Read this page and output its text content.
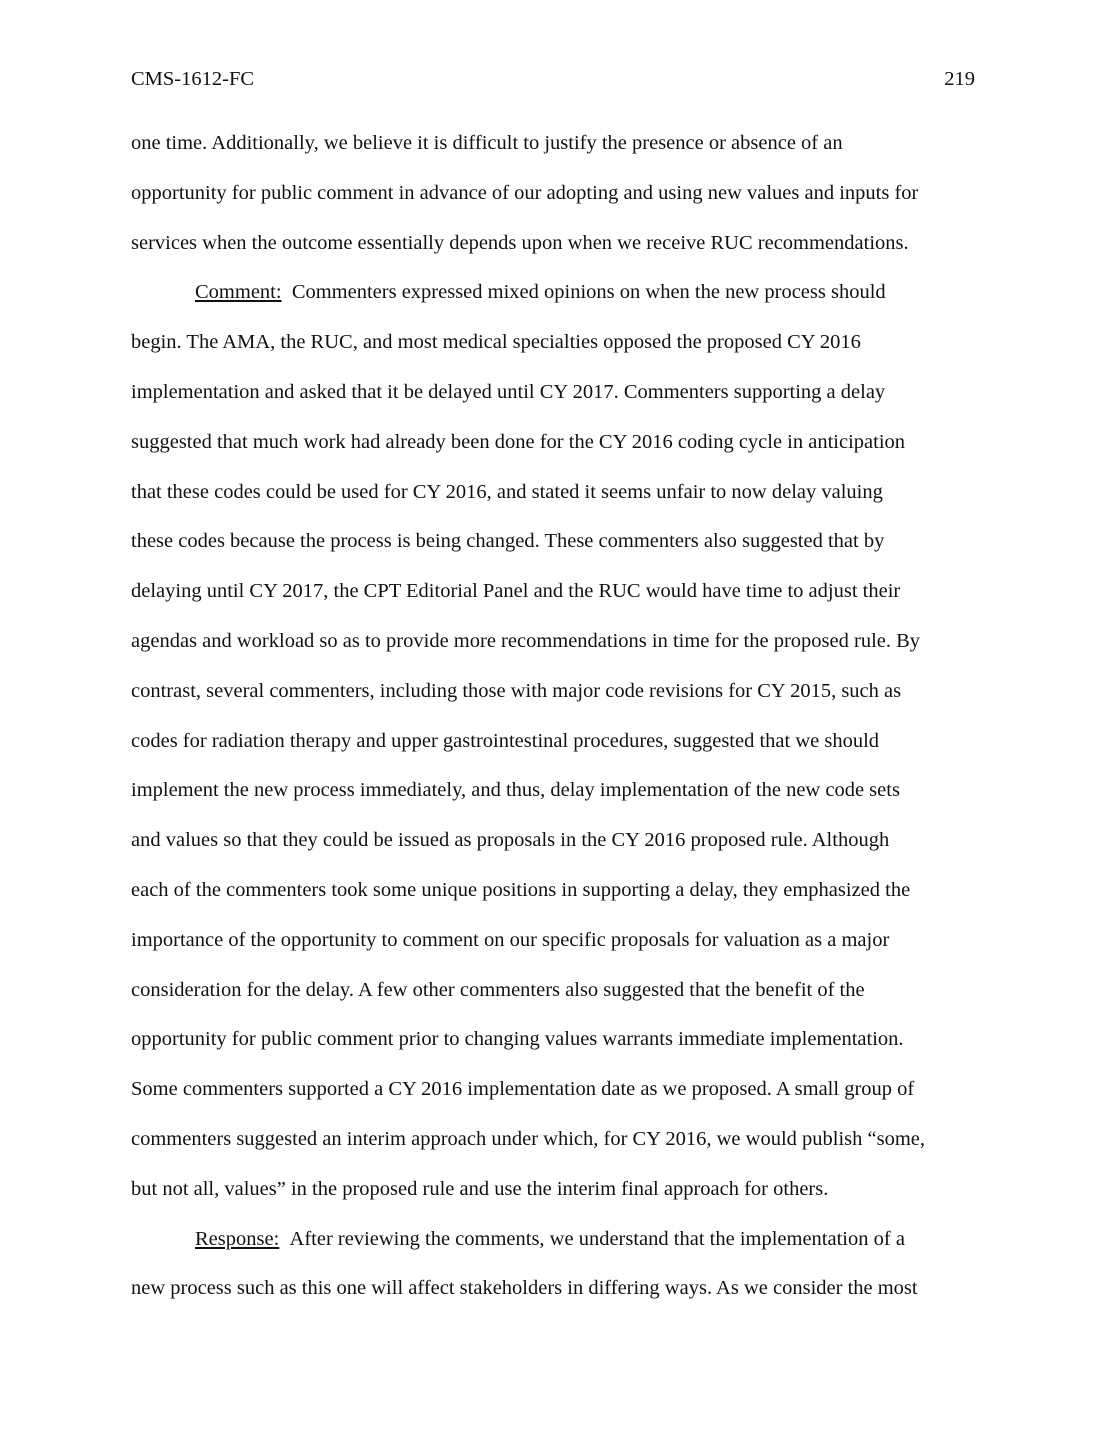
CMS-1612-FC	219
one time. Additionally, we believe it is difficult to justify the presence or absence of an
opportunity for public comment in advance of our adopting and using new values and inputs for
services when the outcome essentially depends upon when we receive RUC recommendations.
Comment: Commenters expressed mixed opinions on when the new process should
begin. The AMA, the RUC, and most medical specialties opposed the proposed CY 2016
implementation and asked that it be delayed until CY 2017. Commenters supporting a delay
suggested that much work had already been done for the CY 2016 coding cycle in anticipation
that these codes could be used for CY 2016, and stated it seems unfair to now delay valuing
these codes because the process is being changed. These commenters also suggested that by
delaying until CY 2017, the CPT Editorial Panel and the RUC would have time to adjust their
agendas and workload so as to provide more recommendations in time for the proposed rule. By
contrast, several commenters, including those with major code revisions for CY 2015, such as
codes for radiation therapy and upper gastrointestinal procedures, suggested that we should
implement the new process immediately, and thus, delay implementation of the new code sets
and values so that they could be issued as proposals in the CY 2016 proposed rule. Although
each of the commenters took some unique positions in supporting a delay, they emphasized the
importance of the opportunity to comment on our specific proposals for valuation as a major
consideration for the delay. A few other commenters also suggested that the benefit of the
opportunity for public comment prior to changing values warrants immediate implementation.
Some commenters supported a CY 2016 implementation date as we proposed. A small group of
commenters suggested an interim approach under which, for CY 2016, we would publish “some,
but not all, values” in the proposed rule and use the interim final approach for others.
Response: After reviewing the comments, we understand that the implementation of a
new process such as this one will affect stakeholders in differing ways. As we consider the most
